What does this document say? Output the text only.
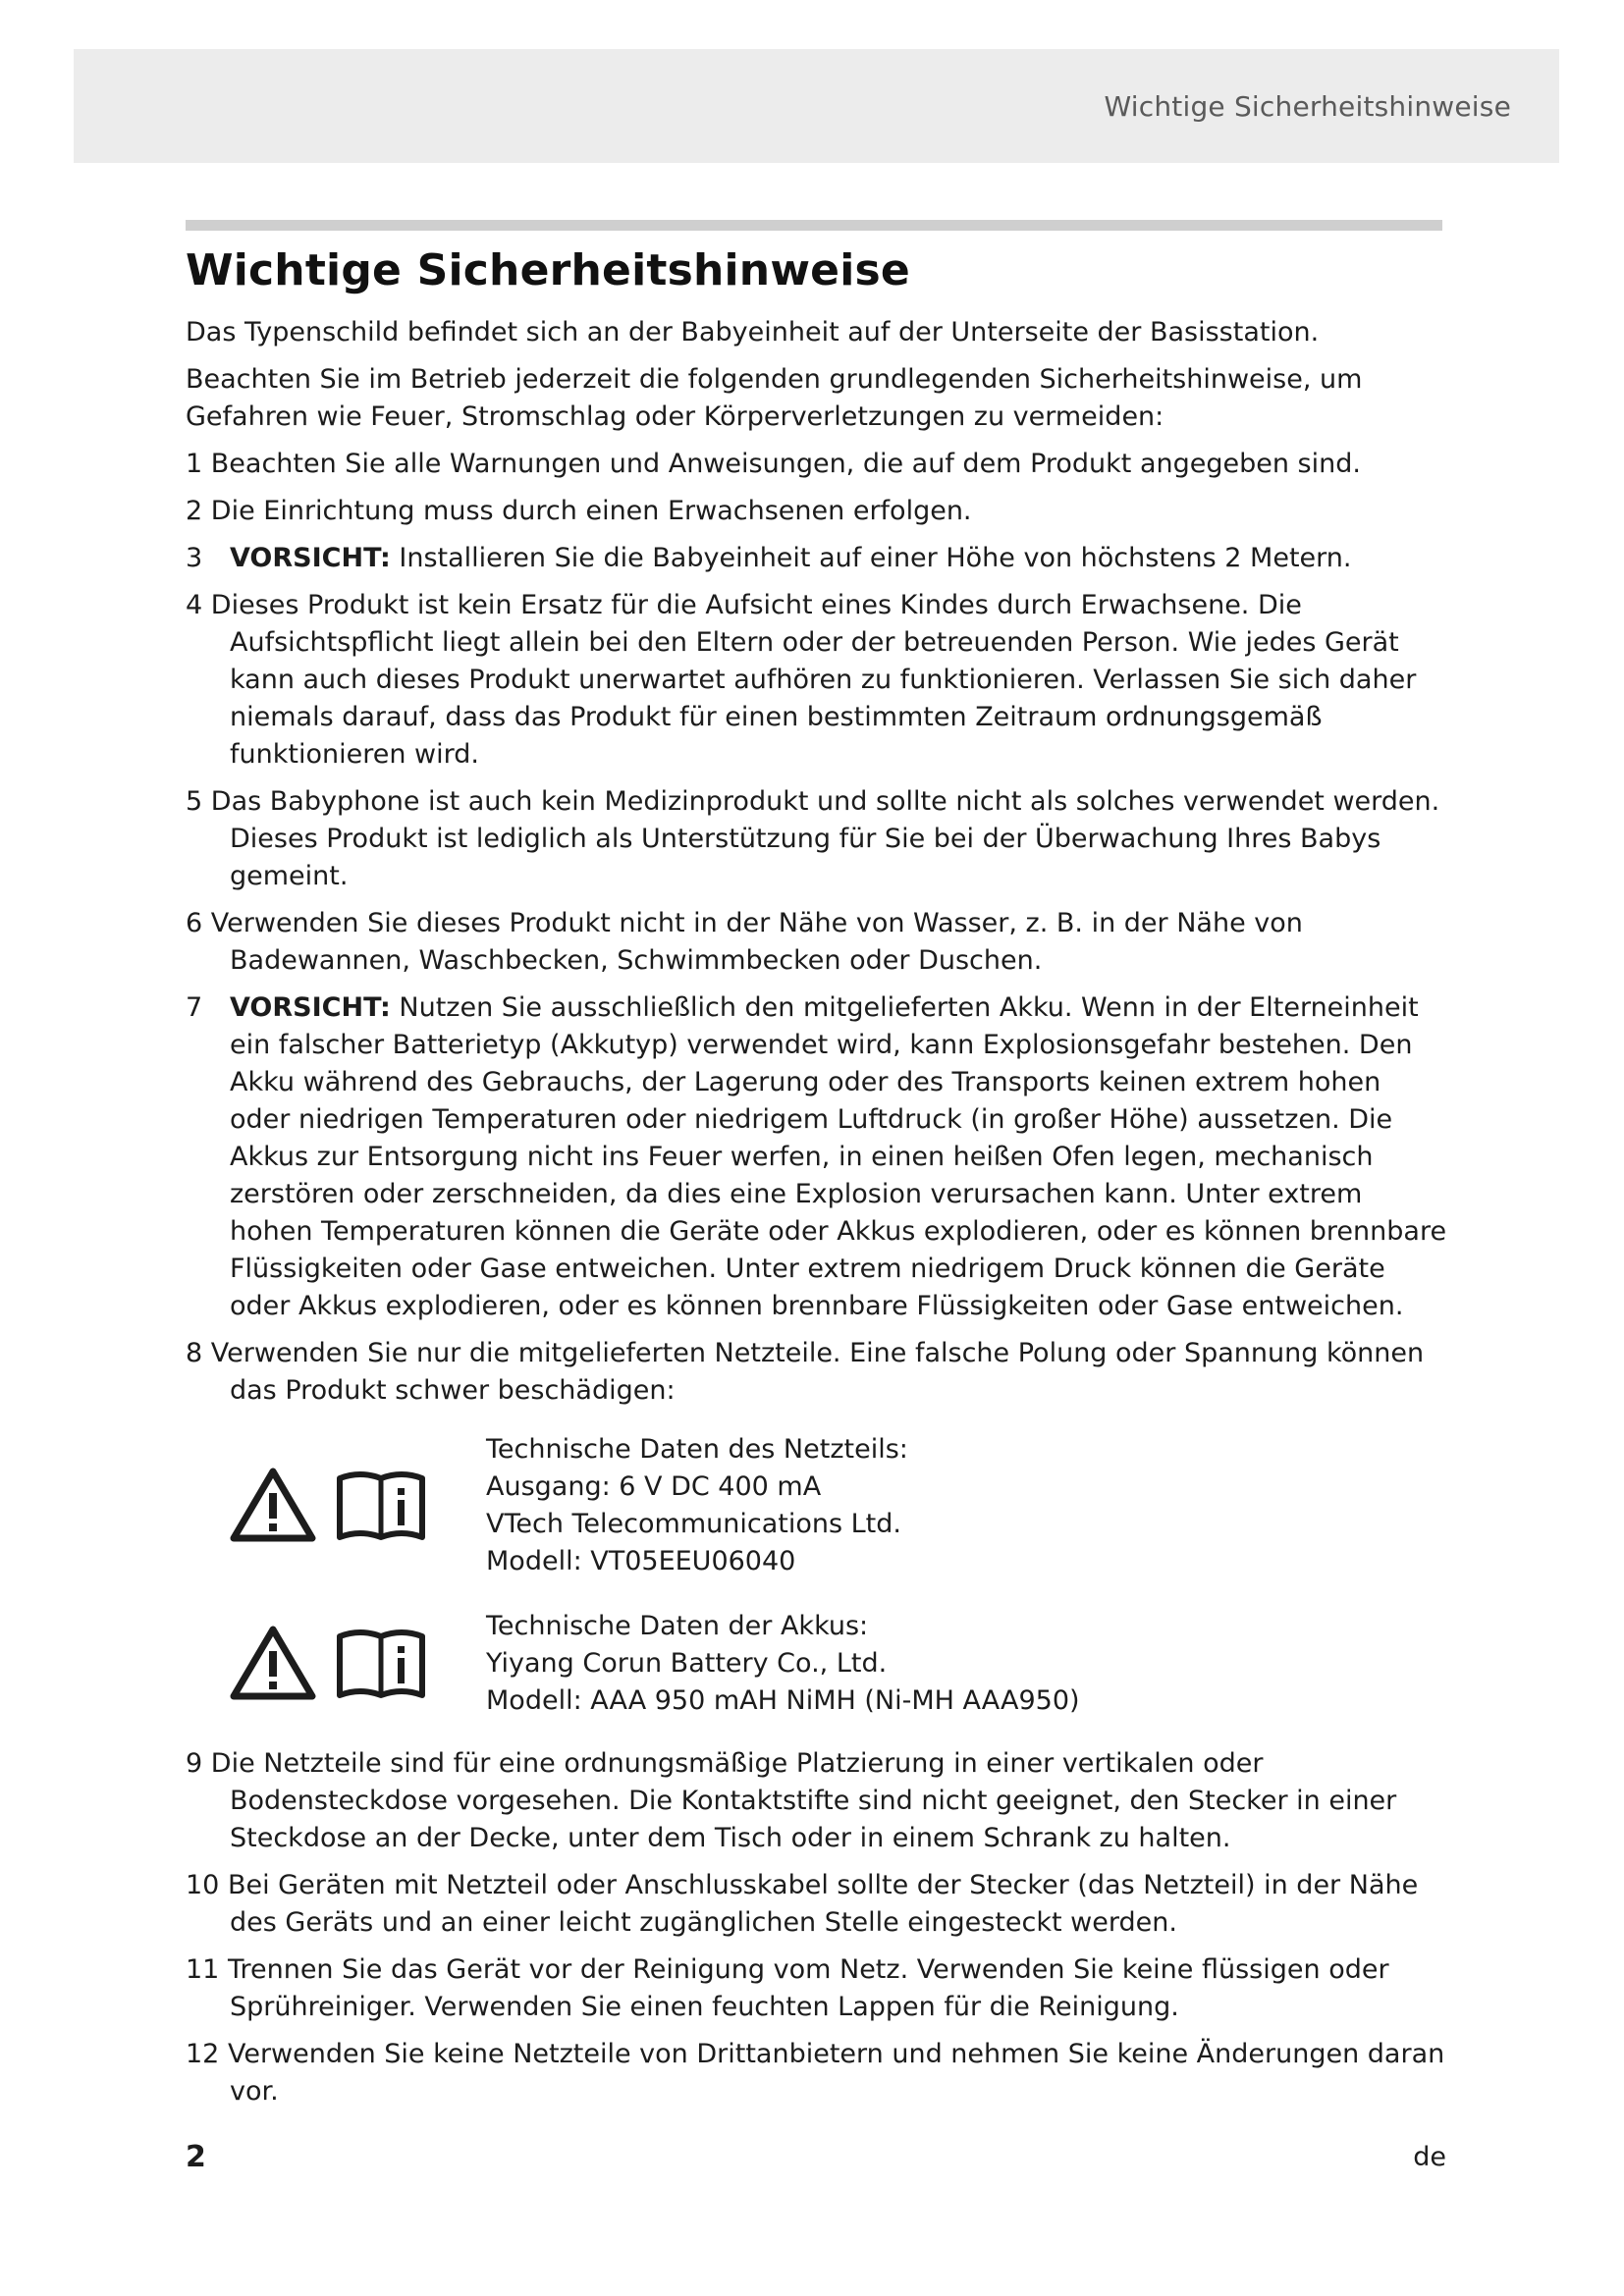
Wichtige Sicherheitshinweise
Wichtige Sicherheitshinweise

Das Typenschild befindet sich an der Babyeinheit auf der Unterseite der Basisstation.

Beachten Sie im Betrieb jederzeit die folgenden grundlegenden Sicherheitshinweise, um Gefahren wie Feuer, Stromschlag oder Körperverletzungen zu vermeiden:

1 Beachten Sie alle Warnungen und Anweisungen, die auf dem Produkt angegeben sind.
2 Die Einrichtung muss durch einen Erwachsenen erfolgen.
3 VORSICHT: Installieren Sie die Babyeinheit auf einer Höhe von höchstens 2 Metern.
4 Dieses Produkt ist kein Ersatz für die Aufsicht eines Kindes durch Erwachsene. Die Aufsichtspflicht liegt allein bei den Eltern oder der betreuenden Person. Wie jedes Gerät kann auch dieses Produkt unerwartet aufhören zu funktionieren. Verlassen Sie sich daher niemals darauf, dass das Produkt für einen bestimmten Zeitraum ordnungsgemäß funktionieren wird.
5 Das Babyphone ist auch kein Medizinprodukt und sollte nicht als solches verwendet werden. Dieses Produkt ist lediglich als Unterstützung für Sie bei der Überwachung Ihres Babys gemeint.
6 Verwenden Sie dieses Produkt nicht in der Nähe von Wasser, z. B. in der Nähe von Badewannen, Waschbecken, Schwimmbecken oder Duschen.
7 VORSICHT: Nutzen Sie ausschließlich den mitgelieferten Akku. Wenn in der Elterneinheit ein falscher Batterietyp (Akkutyp) verwendet wird, kann Explosionsgefahr bestehen. Den Akku während des Gebrauchs, der Lagerung oder des Transports keinen extrem hohen oder niedrigen Temperaturen oder niedrigem Luftdruck (in großer Höhe) aussetzen. Die Akkus zur Entsorgung nicht ins Feuer werfen, in einen heißen Ofen legen, mechanisch zerstören oder zerschneiden, da dies eine Explosion verursachen kann. Unter extrem hohen Temperaturen können die Geräte oder Akkus explodieren, oder es können brennbare Flüssigkeiten oder Gase entweichen. Unter extrem niedrigem Druck können die Geräte oder Akkus explodieren, oder es können brennbare Flüssigkeiten oder Gase entweichen.
8 Verwenden Sie nur die mitgelieferten Netzteile. Eine falsche Polung oder Spannung können das Produkt schwer beschädigen:
Technische Daten des Netzteils:
Ausgang: 6 V DC 400 mA
VTech Telecommunications Ltd.
Modell: VT05EEU06040
Technische Daten der Akkus:
Yiyang Corun Battery Co., Ltd.
Modell: AAA 950 mAH NiMH (Ni-MH AAA950)
9 Die Netzteile sind für eine ordnungsmäßige Platzierung in einer vertikalen oder Bodensteckdose vorgesehen. Die Kontaktstifte sind nicht geeignet, den Stecker in einer Steckdose an der Decke, unter dem Tisch oder in einem Schrank zu halten.
10 Bei Geräten mit Netzteil oder Anschlusskabel sollte der Stecker (das Netzteil) in der Nähe des Geräts und an einer leicht zugänglichen Stelle eingesteckt werden.
11 Trennen Sie das Gerät vor der Reinigung vom Netz. Verwenden Sie keine flüssigen oder Sprühreiniger. Verwenden Sie einen feuchten Lappen für die Reinigung.
12 Verwenden Sie keine Netzteile von Drittanbietern und nehmen Sie keine Änderungen daran vor.
2	de
